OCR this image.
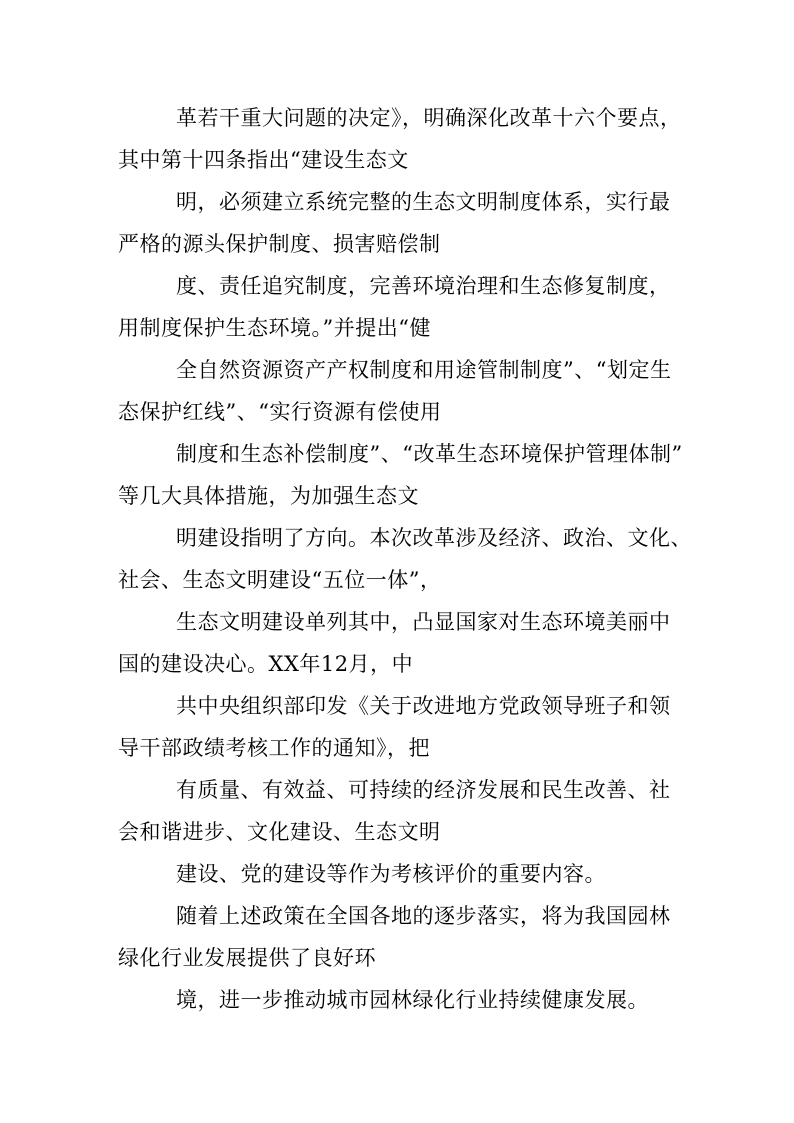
革若干重大问题的决定》，明确深化改革十六个要点，
其中第十四条指出“建设生态文
明，必须建立系统完整的生态文明制度体系，实行最
严格的源头保护制度、损害赔偿制
度、责任追究制度，完善环境治理和生态修复制度，
用制度保护生态环境。”并提出“健
全自然资源资产产权制度和用途管制制度”、“划定生
态保护红线”、“实行资源有偿使用
制度和生态补偿制度”、“改革生态环境保护管理体制”
等几大具体措施，为加强生态文
明建设指明了方向。本次改革涉及经济、政治、文化、
社会、生态文明建设“五位一体”，
生态文明建设单列其中，凸显国家对生态环境美丽中
国的建设决心。XX年12月，中
共中央组织部印发《关于改进地方党政领导班子和领
导干部政绩考核工作的通知》，把
有质量、有效益、可持续的经济发展和民生改善、社
会和谐进步、文化建设、生态文明
建设、党的建设等作为考核评价的重要内容。
随着上述政策在全国各地的逐步落实，将为我国园林
绿化行业发展提供了良好环
境，进一步推动城市园林绿化行业持续健康发展。
